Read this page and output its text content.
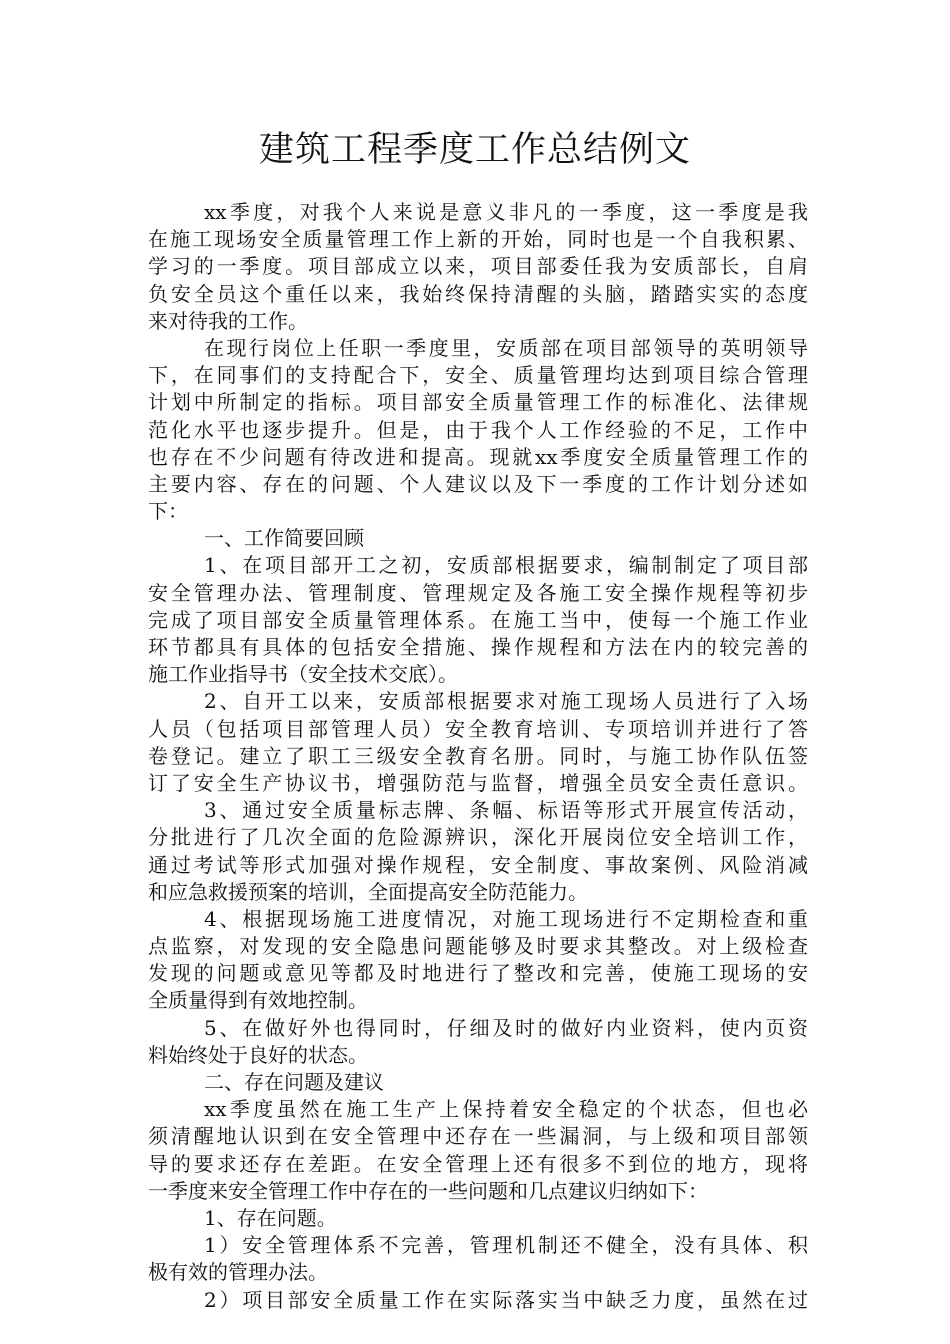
建筑工程季度工作总结例文
xx季度，对我个人来说是意义非凡的一季度，这一季度是我
在施工现场安全质量管理工作上新的开始，同时也是一个自我积累、
学习的一季度。项目部成立以来，项目部委任我为安质部长，自肩
负安全员这个重任以来，我始终保持清醒的头脑，踏踏实实的态度
来对待我的工作。
在现行岗位上任职一季度里，安质部在项目部领导的英明领导
下，在同事们的支持配合下，安全、质量管理均达到项目综合管理
计划中所制定的指标。项目部安全质量管理工作的标准化、法律规
范化水平也逐步提升。但是，由于我个人工作经验的不足，工作中
也存在不少问题有待改进和提高。现就xx季度安全质量管理工作的
主要内容、存在的问题、个人建议以及下一季度的工作计划分述如
下：
一、工作简要回顾
1、在项目部开工之初，安质部根据要求，编制制定了项目部
安全管理办法、管理制度、管理规定及各施工安全操作规程等初步
完成了项目部安全质量管理体系。在施工当中，使每一个施工作业
环节都具有具体的包括安全措施、操作规程和方法在内的较完善的
施工作业指导书（安全技术交底）。
2、自开工以来，安质部根据要求对施工现场人员进行了入场
人员（包括项目部管理人员）安全教育培训、专项培训并进行了答
卷登记。建立了职工三级安全教育名册。同时，与施工协作队伍签
订了安全生产协议书，增强防范与监督，增强全员安全责任意识。
3、通过安全质量标志牌、条幅、标语等形式开展宣传活动，
分批进行了几次全面的危险源辨识，深化开展岗位安全培训工作，
通过考试等形式加强对操作规程，安全制度、事故案例、风险消减
和应急救援预案的培训，全面提高安全防范能力。
4、根据现场施工进度情况，对施工现场进行不定期检查和重
点监察，对发现的安全隐患问题能够及时要求其整改。对上级检查
发现的问题或意见等都及时地进行了整改和完善，使施工现场的安
全质量得到有效地控制。
5、在做好外也得同时，仔细及时的做好内业资料，使内页资
料始终处于良好的状态。
二、存在问题及建议
xx季度虽然在施工生产上保持着安全稳定的个状态，但也必
须清醒地认识到在安全管理中还存在一些漏洞，与上级和项目部领
导的要求还存在差距。在安全管理上还有很多不到位的地方，现将
一季度来安全管理工作中存在的一些问题和几点建议归纳如下：
1、存在问题。
1）安全管理体系不完善，管理机制还不健全，没有具体、积
极有效的管理办法。
2）项目部安全质量工作在实际落实当中缺乏力度，虽然在过
